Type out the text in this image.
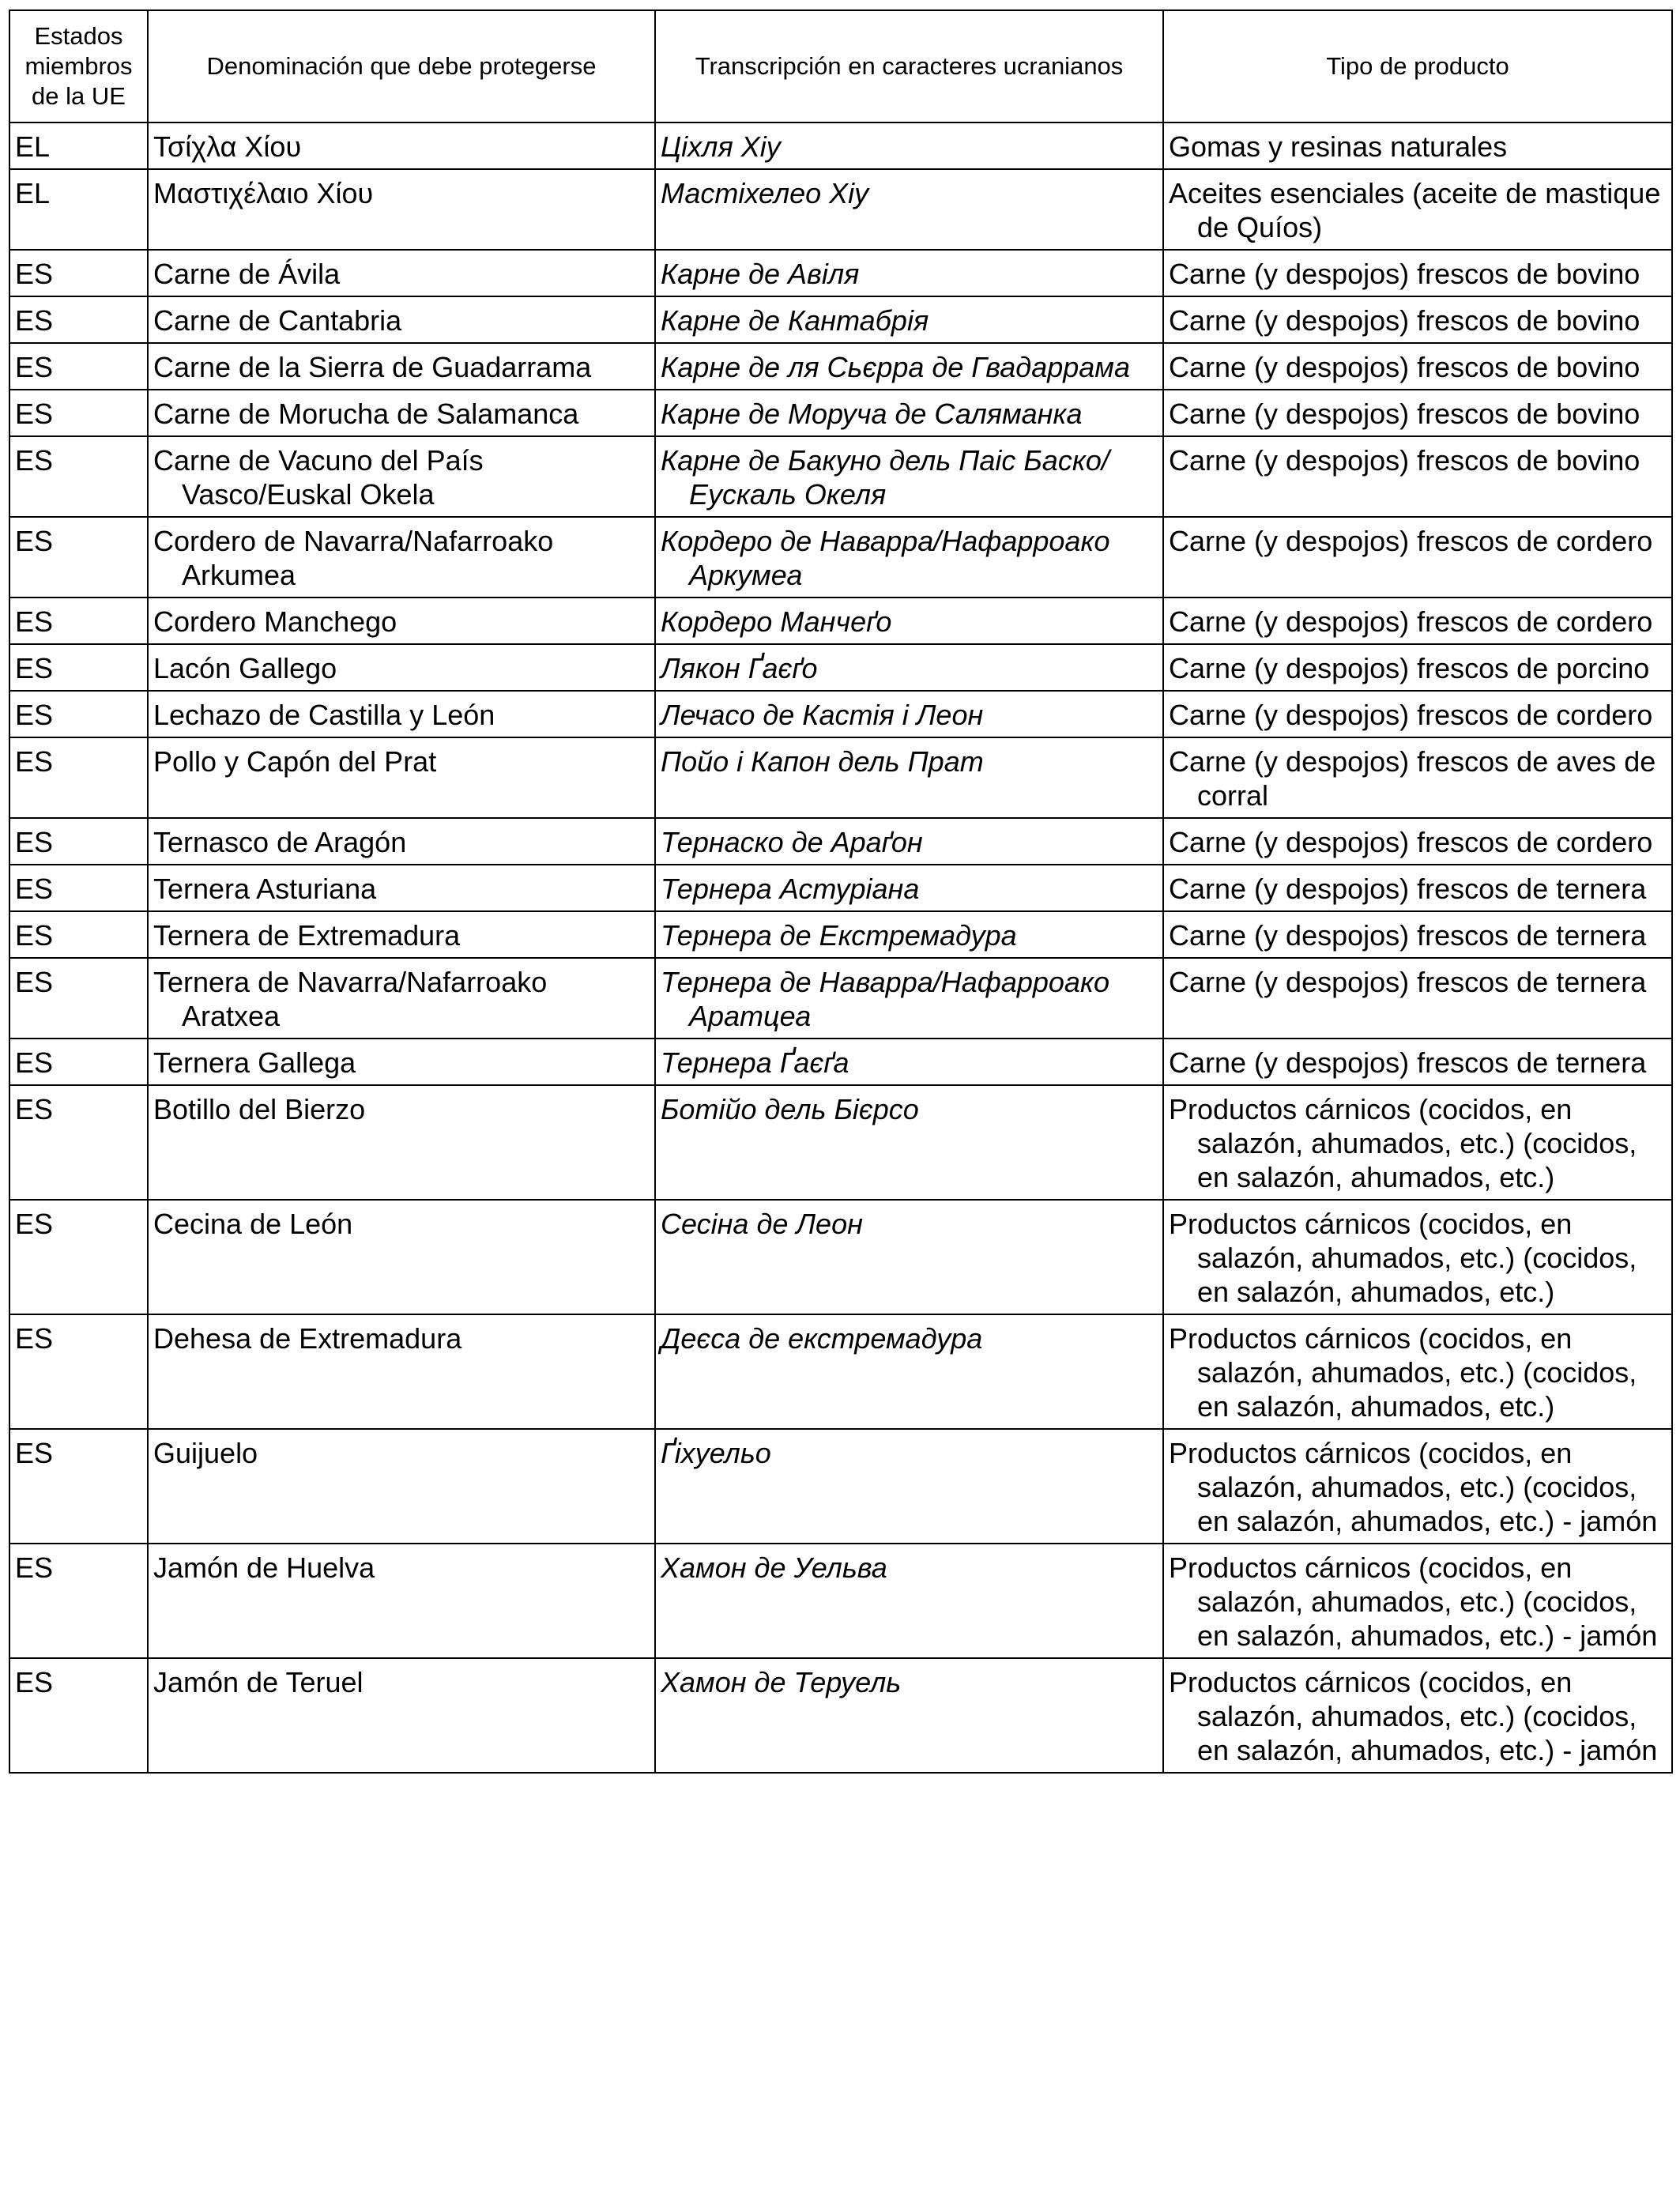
Estados miembros de la UE	Denominación que debe protegerse	Transcripción en caracteres ucranianos	Tipo de producto

EL	Τσίχλα Χίου	Ціхля Хіу	Gomas y resinas naturales

EL	Μαστιχέλαιο Χίου	Мастіхелео Хіу	Aceites esenciales (aceite de mastique de Quíos)

ES	Carne de Ávila	Карне де Авіля	Carne (y despojos) frescos de bovino

ES	Carne de Cantabria	Карне де Кантабрія	Carne (y despojos) frescos de bovino

ES	Carne de la Sierra de Guadarrama	Карне де ля Сьєрра де Гвадаррама	Carne (y despojos) frescos de bovino

ES	Carne de Morucha de Salamanca	Карне де Моруча де Саляманка	Carne (y despojos) frescos de bovino

ES	Carne de Vacuno del País Vasco/Euskal Okela	Карне де Бакуно дель Паіс Баско/Еускаль Океля	Carne (y despojos) frescos de bovino

ES	Cordero de Navarra/Nafarroako Arkumea	Кордеро де Наварра/Нафарроако Аркумеа	Carne (y despojos) frescos de cordero

ES	Cordero Manchego	Кордеро Манчеґо	Carne (y despojos) frescos de cordero

ES	Lacón Gallego	Лякон Ґаєґо	Carne (y despojos) frescos de porcino

ES	Lechazo de Castilla y León	Лечасо де Кастія і Леон	Carne (y despojos) frescos de cordero

ES	Pollo y Capón del Prat	Пойо і Капон дель Прат	Carne (y despojos) frescos de aves de corral

ES	Ternasco de Aragón	Тернаско де Араґон	Carne (y despojos) frescos de cordero

ES	Ternera Asturiana	Тернера Астуріана	Carne (y despojos) frescos de ternera

ES	Ternera de Extremadura	Тернера де Екстремадура	Carne (y despojos) frescos de ternera

ES	Ternera de Navarra/Nafarroako Aratxea	Тернера де Наварра/Нафарроако Аратцеа	Carne (y despojos) frescos de ternera

ES	Ternera Gallega	Тернера Ґаєґа	Carne (y despojos) frescos de ternera

ES	Botillo del Bierzo	Ботійо дель Бієрсо	Productos cárnicos (cocidos, en salazón, ahumados, etc.) (cocidos, en salazón, ahumados, etc.)

ES	Cecina de León	Сесіна де Леон	Productos cárnicos (cocidos, en salazón, ahumados, etc.) (cocidos, en salazón, ahumados, etc.)

ES	Dehesa de Extremadura	Деєса де екстремадура	Productos cárnicos (cocidos, en salazón, ahumados, etc.) (cocidos, en salazón, ahumados, etc.)

ES	Guijuelo	Ґіхуельо	Productos cárnicos (cocidos, en salazón, ahumados, etc.) (cocidos, en salazón, ahumados, etc.) - jamón

ES	Jamón de Huelva	Хамон де Уельва	Productos cárnicos (cocidos, en salazón, ahumados, etc.) (cocidos, en salazón, ahumados, etc.) - jamón

ES	Jamón de Teruel	Хамон де Теруель	Productos cárnicos (cocidos, en salazón, ahumados, etc.) (cocidos, en salazón, ahumados, etc.) - jamón
